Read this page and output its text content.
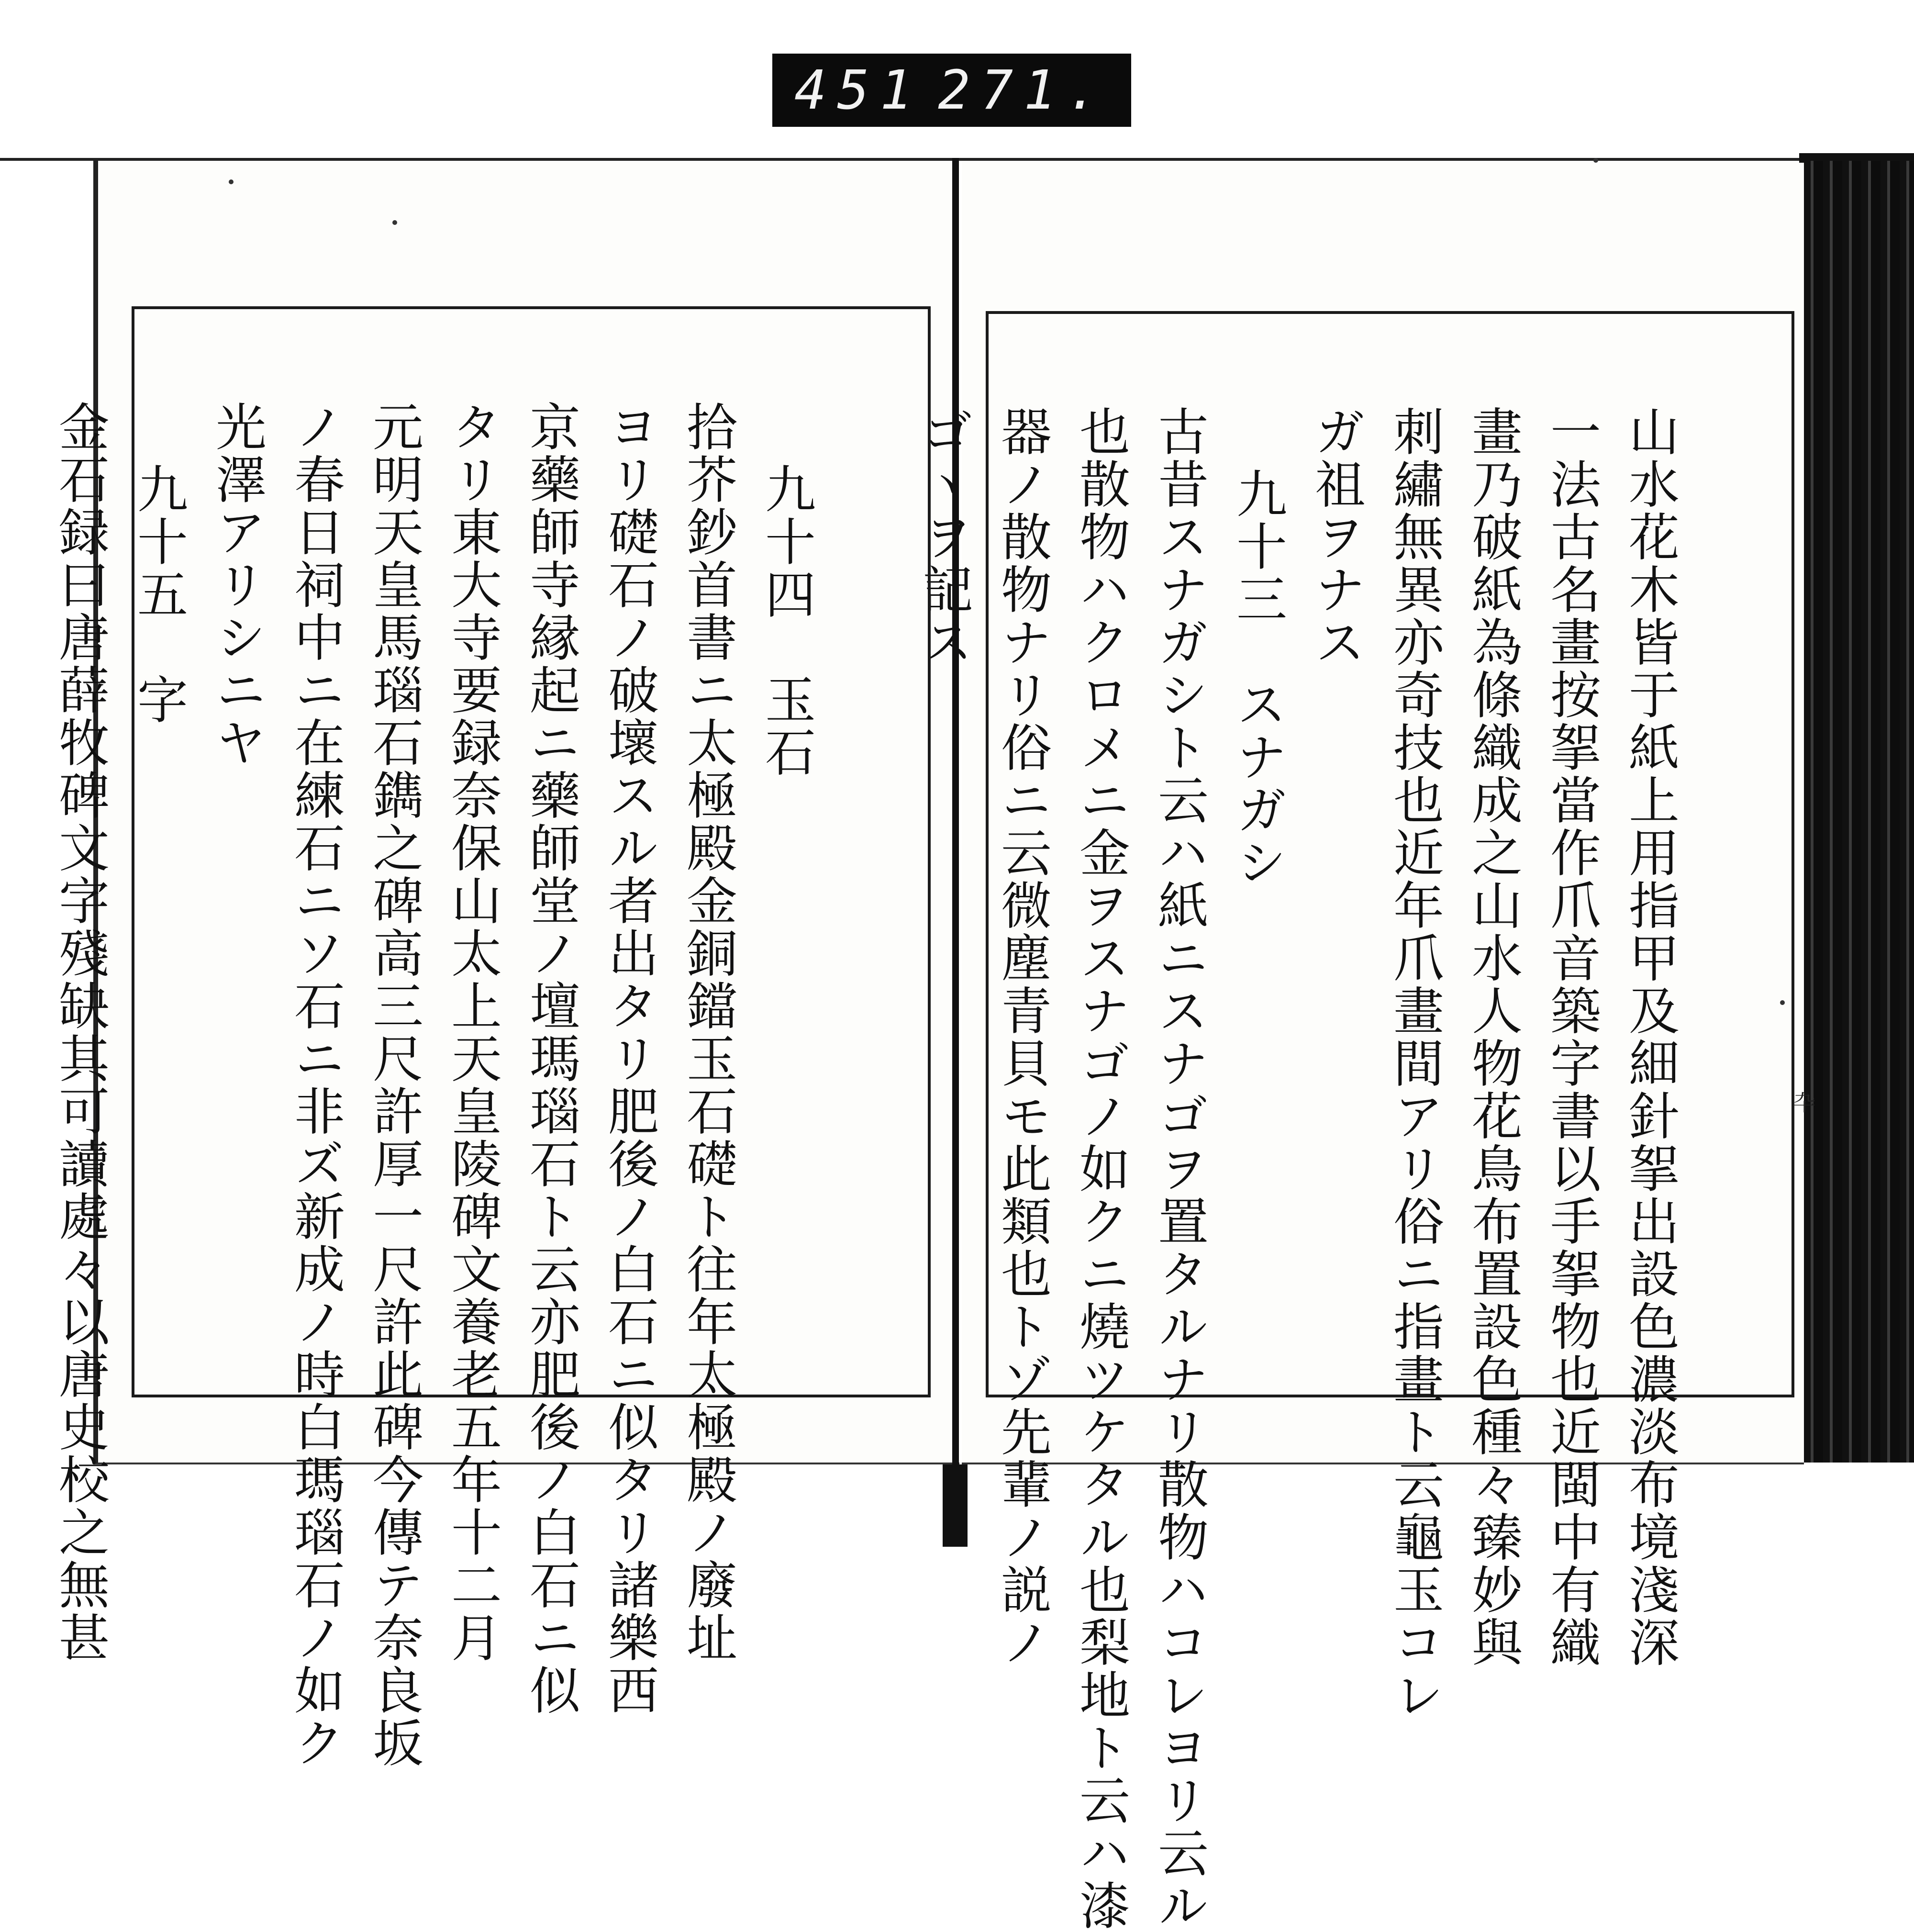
451 271.

山水花木皆于紙上用指甲及細針挐出設色濃淡布境淺深
一法古名畫按挐當作爪音築字書以手挐物也近閩中有織
畫乃破紙為條織成之山水人物花鳥布置設色種々臻妙與
刺繡無異亦奇技也近年爪畫間アリ俗ニ指畫ト云龜玉コレ
ガ祖ヲナス
九十三　スナガシ
古昔スナガシト云ハ紙ニスナゴヲ置タルナリ散物ハコレヨリ云ル
也散物ハクロメニ金ヲスナゴノ如クニ燒ツケタル也梨地ト云ハ漆
器ノ散物ナリ俗ニ云微塵青貝モ此類也トゾ先輩ノ説ノ
ゴヽヲ記ス

九十四　玉石
拾芥鈔首書ニ太極殿金銅鐺玉石礎ト往年太極殿ノ廢址
ヨリ礎石ノ破壞スル者出タリ肥後ノ白石ニ似タリ諸樂西
京藥師寺縁起ニ藥師堂ノ壇瑪瑙石ト云亦肥後ノ白石ニ似
タリ東大寺要録奈保山太上天皇陵碑文養老五年十二月
元明天皇馬瑙石鐫之碑高三尺許厚一尺許此碑今傳テ奈良坂
ノ春日祠中ニ在練石ニソ石ニ非ズ新成ノ時白瑪瑙石ノ如ク
光澤アリシニヤ
九十五　字
金石録曰唐薛牧碑文字殘缺其可讀處々以唐史校之無甚
	卆
